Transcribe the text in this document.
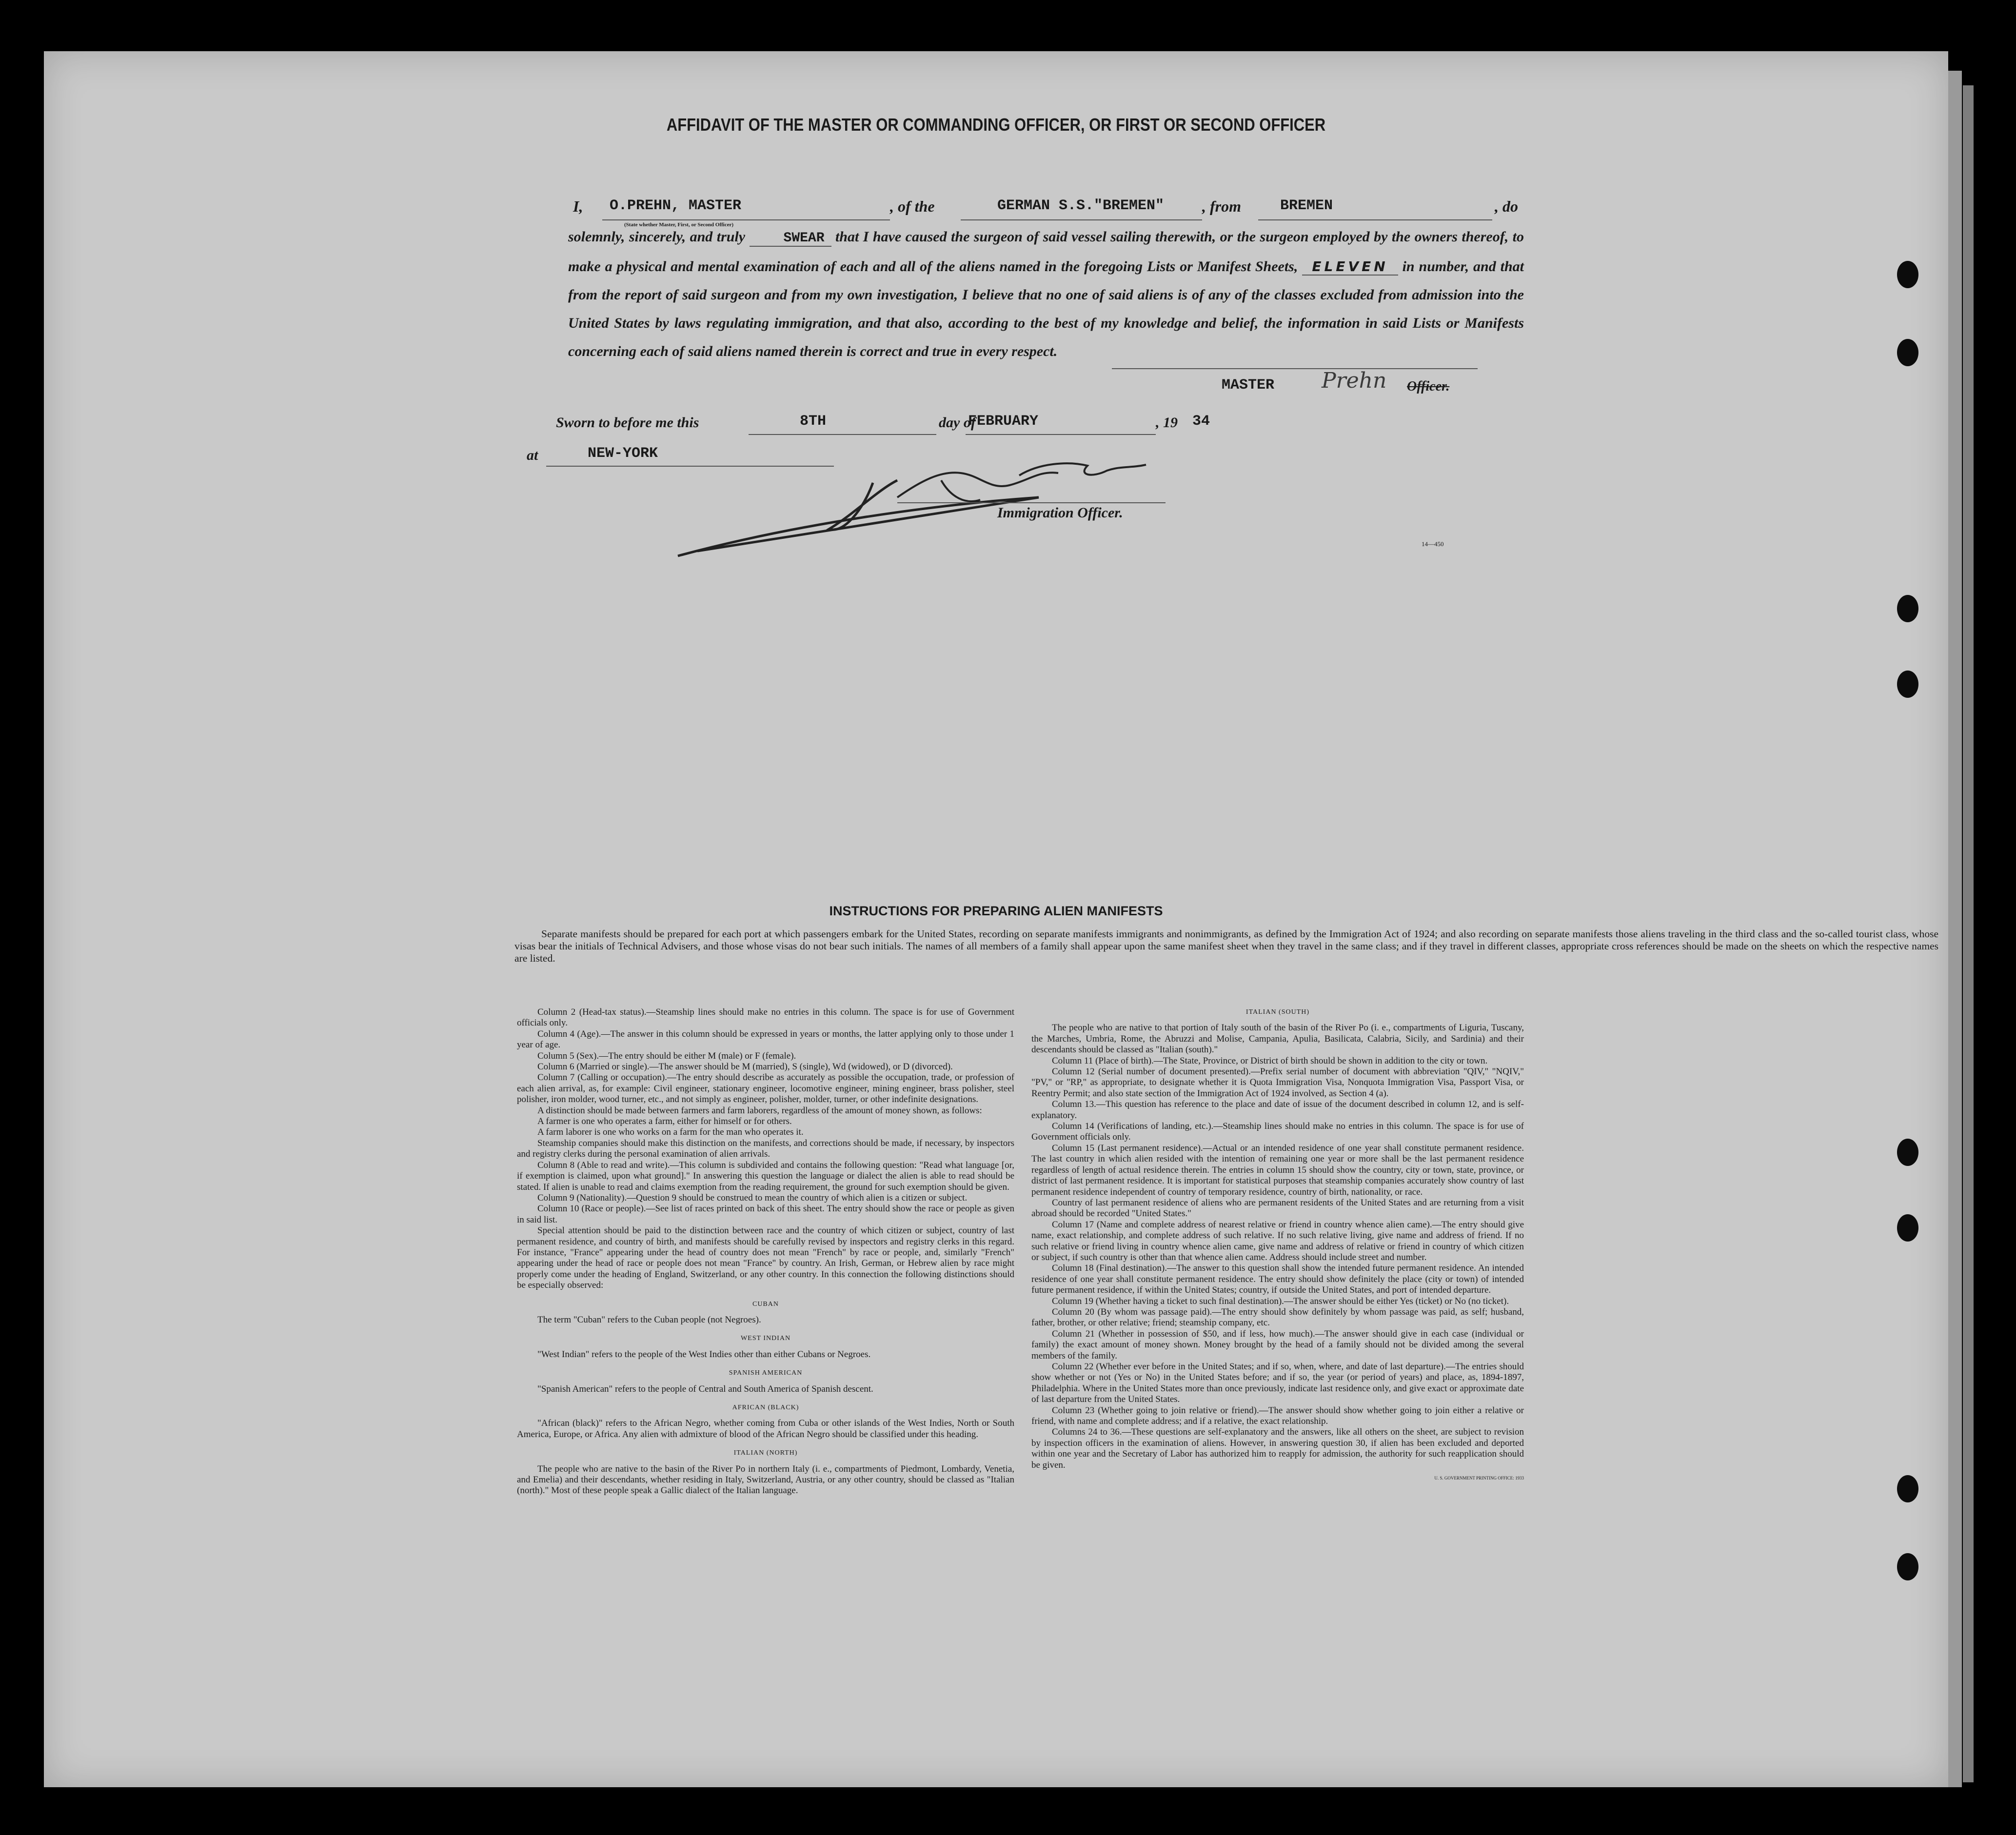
AFFIDAVIT OF THE MASTER OR COMMANDING OFFICER, OR FIRST OR SECOND OFFICER
I, O.PREHN, MASTER
(State whether Master, First, or Second Officer)
, of the	GERMAN S.S."BREMEN" , from	BREMEN	, do
solemnly, sincerely, and truly	SWEAR that I have caused the surgeon of said vessel sailing therewith, or the surgeon employed by the owners thereof, to make a physical and mental examination of each and all of the aliens named in the foregoing Lists or Manifest Sheets, ELEVEN in number, and that from the report of said surgeon and from my own investigation, I believe that no one of said aliens is of any of the classes excluded from admission into the United States by laws regulating immigration, and that also, according to the best of my knowledge and belief, the information in said Lists or Manifests concerning each of said aliens named therein is correct and true in every respect.
MASTER Prehn Officer.
Sworn to before me this	8TH	day of
FEBRUARY	, 19 34
at	NEW-YORK
Immigration Officer.
14—450
INSTRUCTIONS FOR PREPARING ALIEN MANIFESTS
Separate manifests should be prepared for each port at which passengers embark for the United States, recording on separate manifests immigrants and nonimmigrants, as defined by the Immigration Act of 1924; and also recording on separate manifests those aliens traveling in the third class and the so-called tourist class, whose visas bear the initials of Technical Advisers, and those whose visas do not bear such initials. The names of all members of a family shall appear upon the same manifest sheet when they travel in the same class; and if they travel in different classes, appropriate cross references should be made on the sheets on which the respective names are listed.

Column 2 (Head-tax status).—Steamship lines should make no entries in this column. The space is for use of Government officials only.

Column 4 (Age).—The answer in this column should be expressed in years or months, the latter applying only to those under 1 year of age.

Column 5 (Sex).—The entry should be either M (male) or F (female).

Column 6 (Married or single).—The answer should be M (married), S (single), Wd (widowed), or D (divorced).

Column 7 (Calling or occupation).—The entry should describe as accurately as possible the occupation, trade, or profession of each alien arrival, as, for example: Civil engineer, stationary engineer, locomotive engineer, mining engineer, brass polisher, steel polisher, iron molder, wood turner, etc., and not simply as engineer, polisher, molder, turner, or other indefinite designations.

A distinction should be made between farmers and farm laborers, regardless of the amount of money shown, as follows:

A farmer is one who operates a farm, either for himself or for others.

A farm laborer is one who works on a farm for the man who operates it.

Steamship companies should make this distinction on the manifests, and corrections should be made, if necessary, by inspectors and registry clerks during the personal examination of alien arrivals.

Column 8 (Able to read and write).—This column is subdivided and contains the following question: "Read what language [or, if exemption is claimed, upon what ground]." In answering this question the language or dialect the alien is able to read should be stated. If alien is unable to read and claims exemption from the reading requirement, the ground for such exemption should be given.

Column 9 (Nationality).—Question 9 should be construed to mean the country of which alien is a citizen or subject.

Column 10 (Race or people).—See list of races printed on back of this sheet. The entry should show the race or people as given in said list.

Special attention should be paid to the distinction between race and the country of which citizen or subject, country of last permanent residence, and country of birth, and manifests should be carefully revised by inspectors and registry clerks in this regard. For instance, "France" appearing under the head of country does not mean "French" by race or people, and, similarly "French" appearing under the head of race or people does not mean "France" by country. An Irish, German, or Hebrew alien by race might properly come under the heading of England, Switzerland, or any other country. In this connection the following distinctions should be especially observed:

CUBAN

The term "Cuban" refers to the Cuban people (not Negroes).

WEST INDIAN

"West Indian" refers to the people of the West Indies other than either Cubans or Negroes.

SPANISH AMERICAN

"Spanish American" refers to the people of Central and South America of Spanish descent.

AFRICAN (BLACK)

"African (black)" refers to the African Negro, whether coming from Cuba or other islands of the West Indies, North or South America, Europe, or Africa. Any alien with admixture of blood of the African Negro should be classified under this heading.

ITALIAN (NORTH)

The people who are native to the basin of the River Po in northern Italy (i. e., compartments of Piedmont, Lombardy, Venetia, and Emelia) and their descendants, whether residing in Italy, Switzerland, Austria, or any other country, should be classed as "Italian (north)." Most of these people speak a Gallic dialect of the Italian language.

ITALIAN (SOUTH)

The people who are native to that portion of Italy south of the basin of the River Po (i. e., compartments of Liguria, Tuscany, the Marches, Umbria, Rome, the Abruzzi and Molise, Campania, Apulia, Basilicata, Calabria, Sicily, and Sardinia) and their descendants should be classed as "Italian (south)."

Column 11 (Place of birth).—The State, Province, or District of birth should be shown in addition to the city or town.

Column 12 (Serial number of document presented).—Prefix serial number of document with abbreviation "QIV," "NQIV," "PV," or "RP," as appropriate, to designate whether it is Quota Immigration Visa, Nonquota Immigration Visa, Passport Visa, or Reentry Permit; and also state section of the Immigration Act of 1924 involved, as Section 4 (a).

Column 13.—This question has reference to the place and date of issue of the document described in column 12, and is self-explanatory.

Column 14 (Verifications of landing, etc.).—Steamship lines should make no entries in this column. The space is for use of Government officials only.

Column 15 (Last permanent residence).—Actual or an intended residence of one year shall constitute permanent residence. The last country in which alien resided with the intention of remaining one year or more shall be the last permanent residence regardless of length of actual residence therein. The entries in column 15 should show the country, city or town, state, province, or district of last permanent residence. It is important for statistical purposes that steamship companies accurately show country of last permanent residence independent of country of temporary residence, country of birth, nationality, or race.

Country of last permanent residence of aliens who are permanent residents of the United States and are returning from a visit abroad should be recorded "United States."

Column 17 (Name and complete address of nearest relative or friend in country whence alien came).—The entry should give name, exact relationship, and complete address of such relative. If no such relative living, give name and address of friend. If no such relative or friend living in country whence alien came, give name and address of relative or friend in country of which citizen or subject, if such country is other than that whence alien came. Address should include street and number.

Column 18 (Final destination).—The answer to this question shall show the intended future permanent residence. An intended residence of one year shall constitute permanent residence. The entry should show definitely the place (city or town) of intended future permanent residence, if within the United States; country, if outside the United States, and port of intended departure.

Column 19 (Whether having a ticket to such final destination).—The answer should be either Yes (ticket) or No (no ticket).

Column 20 (By whom was passage paid).—The entry should show definitely by whom passage was paid, as self; husband, father, brother, or other relative; friend; steamship company, etc.

Column 21 (Whether in possession of $50, and if less, how much).—The answer should give in each case (individual or family) the exact amount of money shown. Money brought by the head of a family should not be divided among the several members of the family.

Column 22 (Whether ever before in the United States; and if so, when, where, and date of last departure).—The entries should show whether or not (Yes or No) in the United States before; and if so, the year (or period of years) and place, as, 1894-1897, Philadelphia. Where in the United States more than once previously, indicate last residence only, and give exact or approximate date of last departure from the United States.

Column 23 (Whether going to join relative or friend).—The answer should show whether going to join either a relative or friend, with name and complete address; and if a relative, the exact relationship.

Columns 24 to 36.—These questions are self-explanatory and the answers, like all others on the sheet, are subject to revision by inspection officers in the examination of aliens. However, in answering question 30, if alien has been excluded and deported within one year and the Secretary of Labor has authorized him to reapply for admission, the authority for such reapplication should be given.

U. S. GOVERNMENT PRINTING OFFICE: 1933
